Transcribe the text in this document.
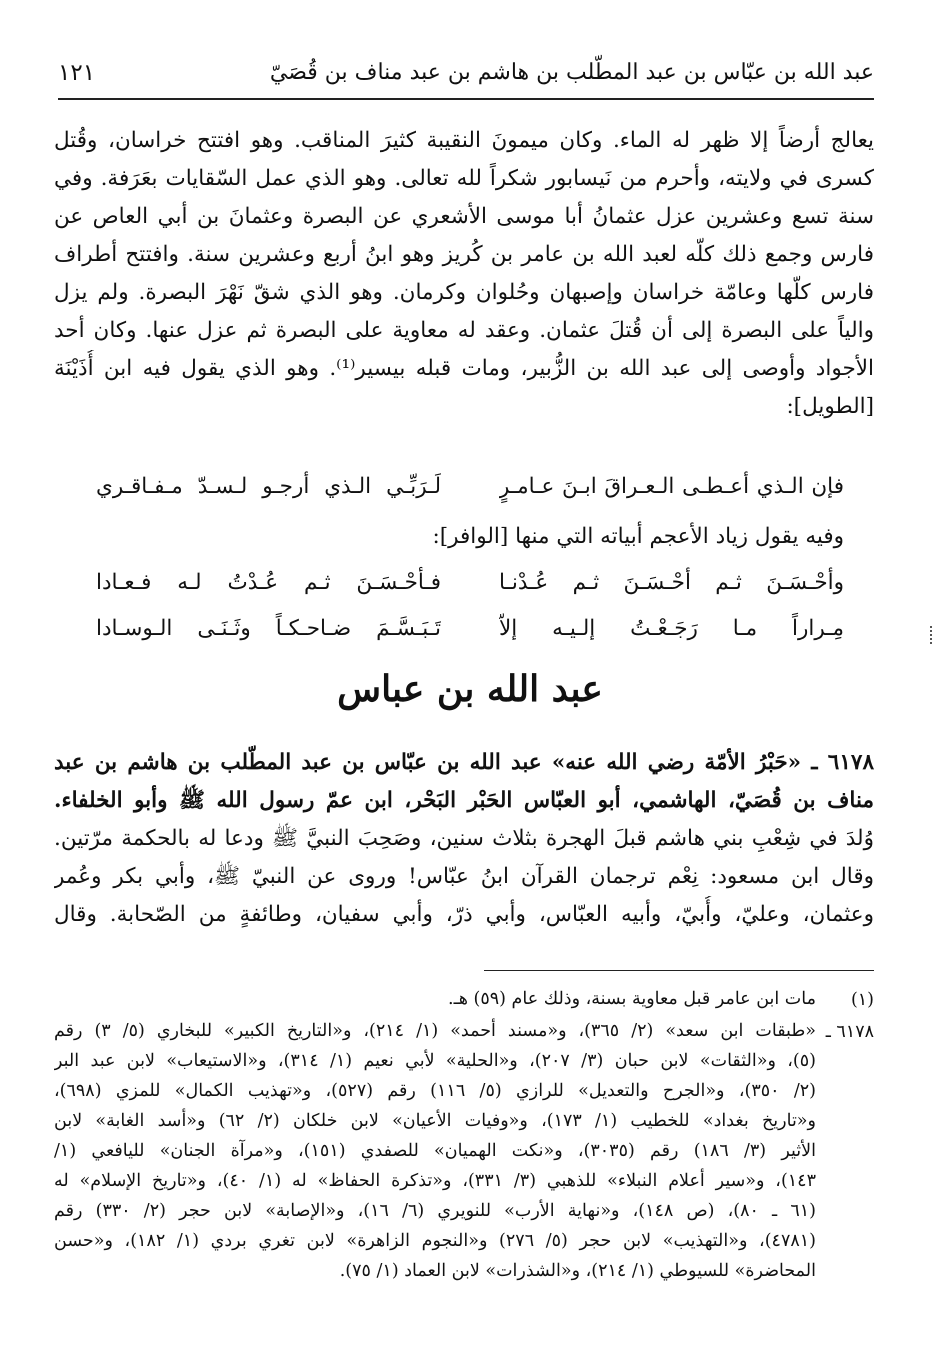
عبد الله بن عبّاس بن عبد المطّلب بن هاشم بن عبد مناف بن قُصَيّ
١٢١
يعالج أرضاً إلا ظهر له الماء. وكان ميمونَ النقيبة كثيرَ المناقب. وهو افتتح خراسان، وقُتل
كسرى في ولايته، وأحرم من نَيسابور شكراً لله تعالى. وهو الذي عمل السّقايات بعَرَفة. وفي
سنة تسع وعشرين عزل عثمانُ أبا موسى الأشعري عن البصرة وعثمانَ بن أبي العاص عن
فارس وجمع ذلك كلّه لعبد الله بن عامر بن كُريز وهو ابنُ أربع وعشرين سنة. وافتتح أطراف
فارس كلّها وعامّة خراسان وإصبهان وحُلوان وكرمان. وهو الذي شقّ نَهْرَ البصرة. ولم يزل
والياً على البصرة إلى أن قُتلَ عثمان. وعقد له معاوية على البصرة ثم عزل عنها. وكان أحد
الأجواد وأوصى إلى عبد الله بن الزُّبير، ومات قبله بيسير⁽¹⁾. وهو الذي يقول فيه ابن أُذَيْنَة
[الطويل]:
فإن الـذي أعـطـى الـعـراقَ ابـنَ عـامـرٍ
لَـرَبِّـي الـذي أرجـو لـسـدّ مـفـاقـري
وفيه يقول زياد الأعجم أبياته التي منها [الوافر]:
وأحْـسَـنَ ثـم أحْـسَـنَ ثـم عُـدْنـا
فـأحْـسَـنَ ثـم عُـدْتُ لـه فـعـادا
مِـراراً مـا رَجَـعْـتُ إلـيـه إلاّ
تَـبَـسَّـمَ ضـاحـكـاً وثَـنَـى الـوسـادا
عبد الله بن عباس
٦١٧٨ ـ «حَبْرُ الأمّة رضي الله عنه» عبد الله بن عبّاس بن عبد المطّلب بن هاشم بن عبد
مناف بن قُصَيّ، الهاشمي، أبو العبّاس الحَبْر البَحْر، ابن عمّ رسول الله ﷺ وأبو الخلفاء.
وُلدَ في شِعْبِ بني هاشم قبلَ الهجرة بثلاث سنين، وصَحِبَ النبيَّ ﷺ ودعا له بالحكمة مرّتين.
وقال ابن مسعود: نِعْم ترجمان القرآن ابنُ عبّاس! وروى عن النبيّ ﷺ، وأبي بكر وعُمر
وعثمان، وعليّ، وأُبيّ، وأبيه العبّاس، وأبي ذرّ، وأبي سفيان، وطائفةٍ من الصّحابة. وقال
(١)
مات ابن عامر قبل معاوية بسنة، وذلك عام (٥٩) هـ.
٦١٧٨ ـ
«طبقات ابن سعد» (٢/ ٣٦٥)، و«مسند أحمد» (١/ ٢١٤)، و«التاريخ الكبير» للبخاري (٥/ ٣) رقم
(٥)، و«الثقات» لابن حبان (٣/ ٢٠٧)، و«الحلية» لأبي نعيم (١/ ٣١٤)، و«الاستيعاب» لابن عبد البر
(٢/ ٣٥٠)، و«الجرح والتعديل» للرازي (٥/ ١١٦) رقم (٥٢٧)، و«تهذيب الكمال» للمزي (٦٩٨)،
و«تاريخ بغداد» للخطيب (١/ ١٧٣)، و«وفيات الأعيان» لابن خلكان (٢/ ٦٢) و«أسد الغابة» لابن
الأثير (٣/ ١٨٦) رقم (٣٠٣٥)، و«نكت الهميان» للصفدي (١٥١)، و«مرآة الجنان» لليافعي (١/
١٤٣)، و«سير أعلام النبلاء» للذهبي (٣/ ٣٣١)، و«تذكرة الحفاظ» له (١/ ٤٠)، و«تاريخ الإسلام» له
(٦١ ـ ٨٠)، (ص ١٤٨)، و«نهاية الأرب» للنويري (٦/ ١٦)، و«الإصابة» لابن حجر (٢/ ٣٣٠) رقم
(٤٧٨١)، و«التهذيب» لابن حجر (٥/ ٢٧٦) و«النجوم الزاهرة» لابن تغري بردي (١/ ١٨٢)، و«حسن
المحاضرة» للسيوطي (١/ ٢١٤)، و«الشذرات» لابن العماد (١/ ٧٥).
